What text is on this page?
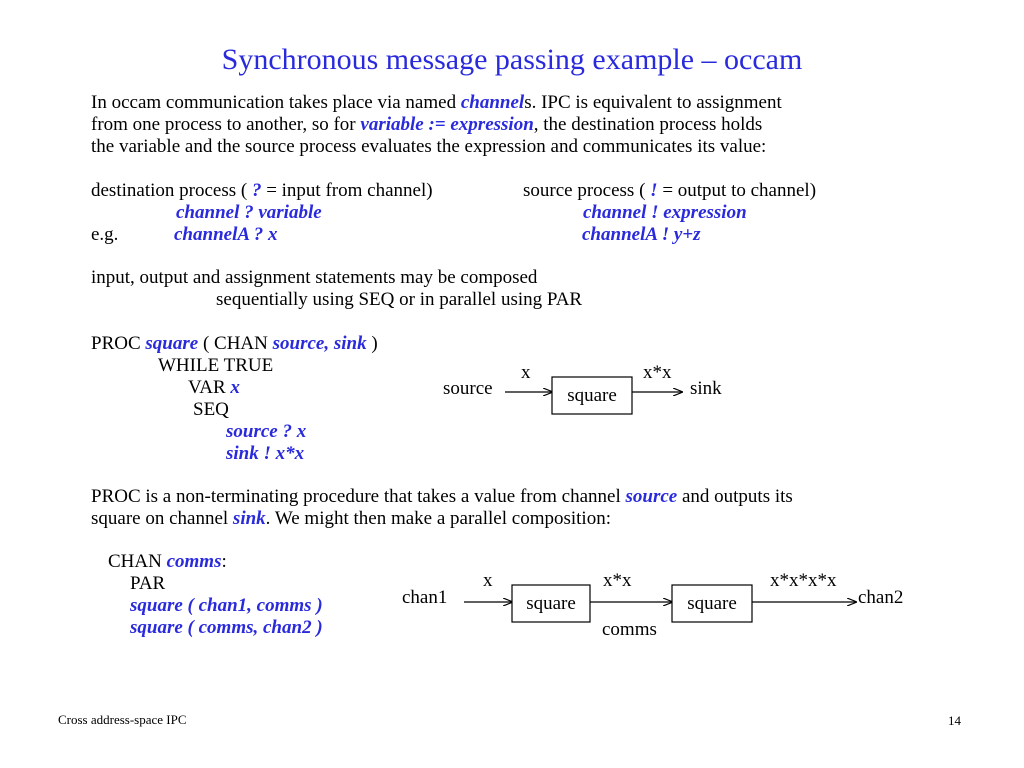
Synchronous message passing example – occam
In occam communication takes place via named channels. IPC is equivalent to assignment
from one process to another, so for variable := expression, the destination process holds
the variable and the source process evaluates the expression and communicates its value:
destination process ( ? = input from channel)	source process ( ! = output to channel)
channel ? variable	channel ! expression
e.g.	channelA ? x	channelA ! y+z
input, output and assignment statements may be composed
sequentially using SEQ or in parallel using PAR
PROC square ( CHAN source, sink )
WHILE TRUE
VAR x
SEQ
source ? x
sink ! x*x
x	x*x
source	square	sink
PROC is a non-terminating procedure that takes a value from channel source and outputs its
square on channel sink. We might then make a parallel composition:
CHAN comms:
PAR
square ( chan1, comms )
square ( comms, chan2 )
x	x*x	x*x*x*x
chan1	square	square	chan2
comms
Cross address-space IPC	14
